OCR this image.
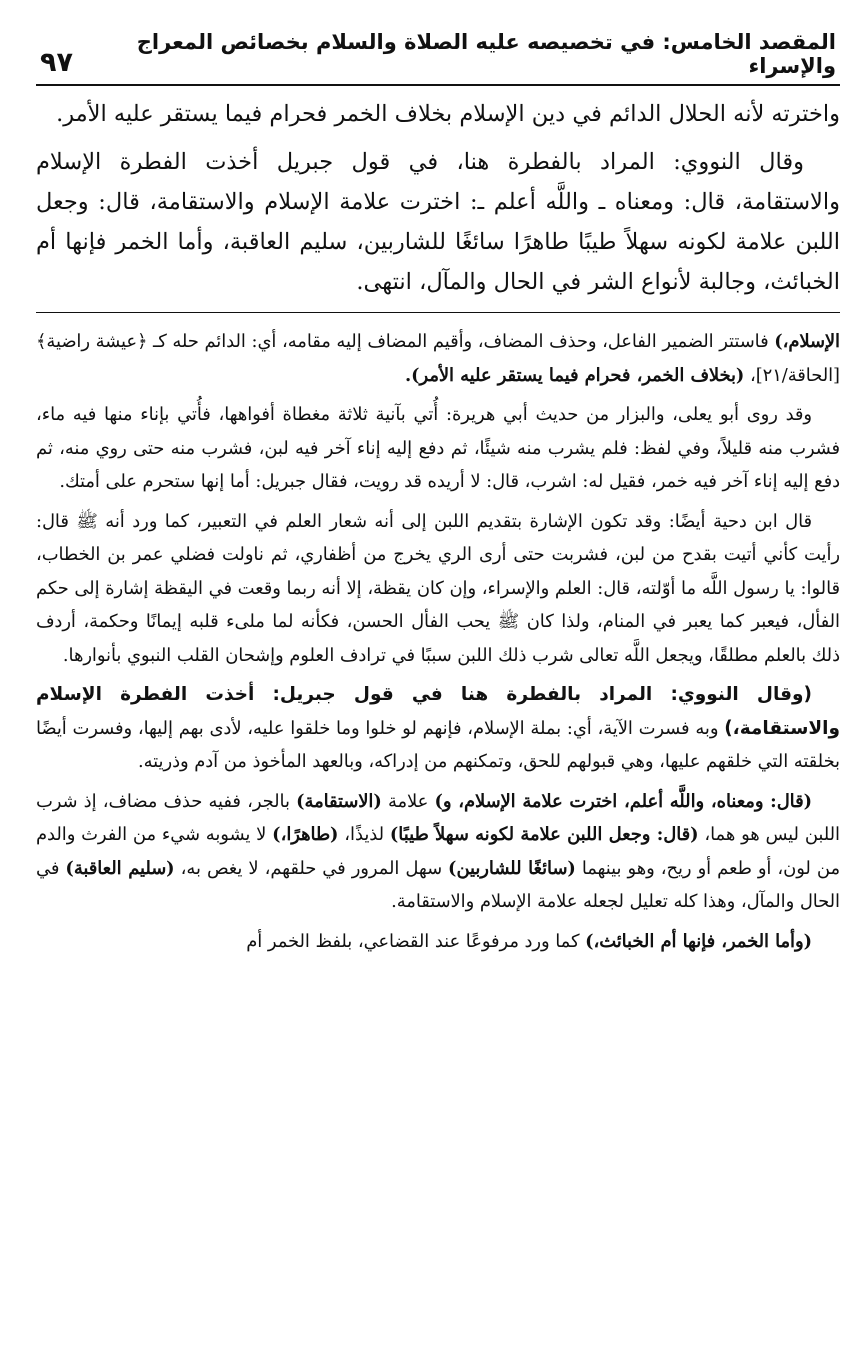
المقصد الخامس: في تخصيصه عليه الصلاة والسلام بخصائص المعراج والإسراء
٩٧

واخترته لأنه الحلال الدائم في دين الإسلام بخلاف الخمر فحرام فيما يستقر عليه الأمر.

وقال النووي: المراد بالفطرة هنا، في قول جبريل أخذت الفطرة الإسلام والاستقامة، قال: ومعناه ـ واللَّه أعلم ـ: اخترت علامة الإسلام والاستقامة، قال: وجعل اللبن علامة لكونه سهلاً طيبًا طاهرًا سائغًا للشاربين، سليم العاقبة، وأما الخمر فإنها أم الخبائث، وجالبة لأنواع الشر في الحال والمآل، انتهى.

الإسلام،) فاستتر الضمير الفاعل، وحذف المضاف، وأقيم المضاف إليه مقامه، أي: الدائم حله كـ ﴿عيشة راضية﴾ [الحاقة/٢١]، (بخلاف الخمر، فحرام فيما يستقر عليه الأمر).

وقد روى أبو يعلى، والبزار من حديث أبي هريرة: أُتي بآنية ثلاثة مغطاة أفواهها، فأُتي بإناء منها فيه ماء، فشرب منه قليلاً، وفي لفظ: فلم يشرب منه شيئًا، ثم دفع إليه إناء آخر فيه لبن، فشرب منه حتى روي منه، ثم دفع إليه إناء آخر فيه خمر، فقيل له: اشرب، قال: لا أريده قد رويت، فقال جبريل: أما إنها ستحرم على أمتك.

قال ابن دحية أيضًا: وقد تكون الإشارة بتقديم اللبن إلى أنه شعار العلم في التعبير، كما ورد أنه ﷺ قال: رأيت كأني أتيت بقدح من لبن، فشربت حتى أرى الري يخرج من أظفاري، ثم ناولت فضلي عمر بن الخطاب، قالوا: يا رسول اللَّه ما أوّلته، قال: العلم والإسراء، وإن كان يقظة، إلا أنه ربما وقعت في اليقظة إشارة إلى حكم الفأل، فيعبر كما يعبر في المنام، ولذا كان ﷺ يحب الفأل الحسن، فكأنه لما ملىء قلبه إيمانًا وحكمة، أردف ذلك بالعلم مطلقًا، ويجعل اللَّه تعالى شرب ذلك اللبن سببًا في ترادف العلوم وإشحان القلب النبوي بأنوارها.

(وقال النووي: المراد بالفطرة هنا في قول جبريل: أخذت الفطرة الإسلام والاستقامة،) وبه فسرت الآية، أي: بملة الإسلام، فإنهم لو خلوا وما خلقوا عليه، لأدى بهم إليها، وفسرت أيضًا بخلقته التي خلقهم عليها، وهي قبولهم للحق، وتمكنهم من إدراكه، وبالعهد المأخوذ من آدم وذريته.

(قال: ومعناه، واللَّه أعلم، اخترت علامة الإسلام، و) علامة (الاستقامة) بالجر، ففيه حذف مضاف، إذ شرب اللبن ليس هو هما، (قال: وجعل اللبن علامة لكونه سهلاً طيبًا) لذيذًا، (طاهرًا،) لا يشوبه شيء من الفرث والدم من لون، أو طعم أو ريح، وهو بينهما (سائغًا للشاربين) سهل المرور في حلقهم، لا يغص به، (سليم العاقبة) في الحال والمآل، وهذا كله تعليل لجعله علامة الإسلام والاستقامة.

(وأما الخمر، فإنها أم الخبائث،) كما ورد مرفوعًا عند القضاعي، بلفظ الخمر أم
